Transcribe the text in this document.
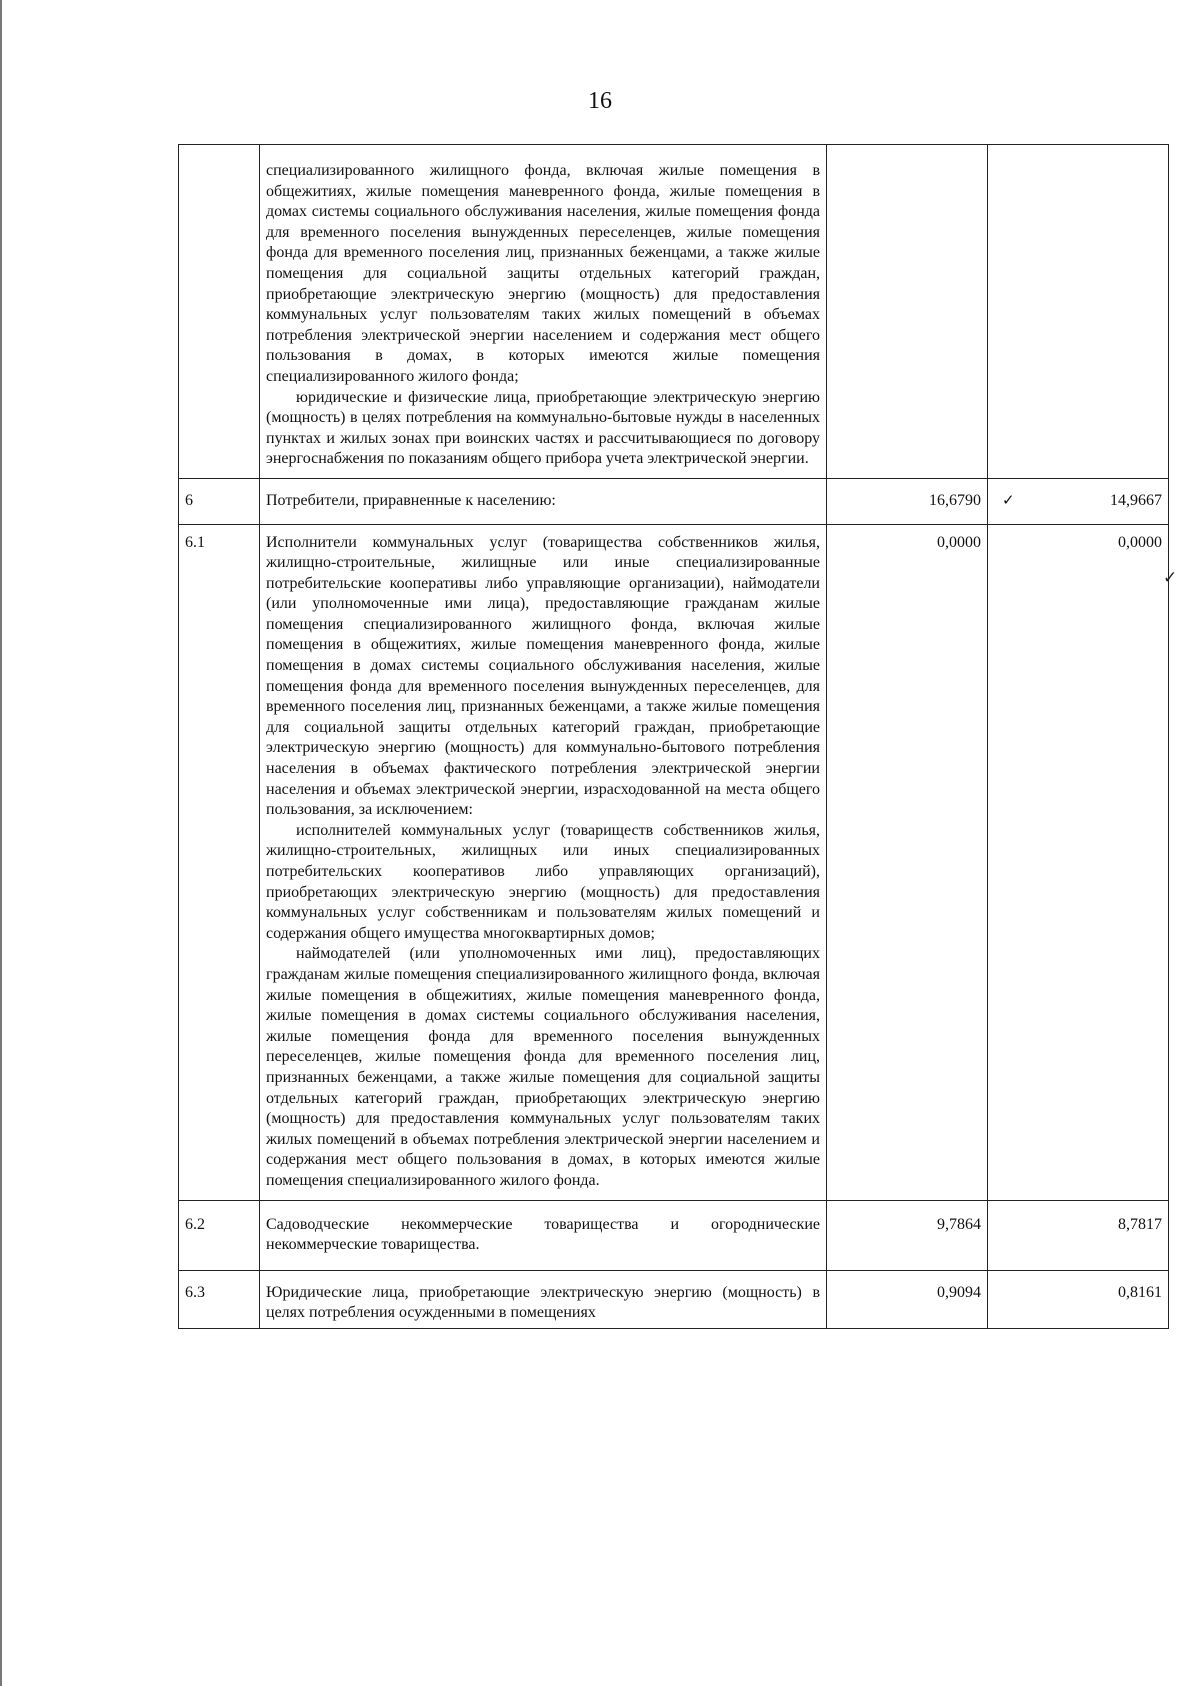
16
✓

	специализированного жилищного фонда, включая жилые помещения в общежитиях, жилые помещения маневренного фонда, жилые помещения в домах системы социального обслуживания населения, жилые помещения фонда для временного поселения вынужденных переселенцев, жилые помещения фонда для временного поселения лиц, признанных беженцами, а также жилые помещения для социальной защиты отдельных категорий граждан, приобретающие электрическую энергию (мощность) для предоставления коммунальных услуг пользователям таких жилых помещений в объемах потребления электрической энергии населением и содержания мест общего пользования в домах, в которых имеются жилые помещения специализированного жилого фонда;

юридические и физические лица, приобретающие электрическую энергию (мощность) в целях потребления на коммунально-бытовые нужды в населенных пунктах и жилых зонах при воинских частях и рассчитывающиеся по договору энергоснабжения по показаниям общего прибора учета электрической энергии.		

6	Потребители, приравненные к населению:	16,6790	✓ 14,9667
6.1	Исполнители коммунальных услуг (товарищества собственников жилья, жилищно-строительные, жилищные или иные специализированные потребительские кооперативы либо управляющие организации), наймодатели (или уполномоченные ими лица), предоставляющие гражданам жилые помещения специализированного жилищного фонда, включая жилые помещения в общежитиях, жилые помещения маневренного фонда, жилые помещения в домах системы социального обслуживания населения, жилые помещения фонда для временного поселения вынужденных переселенцев, для временного поселения лиц, признанных беженцами, а также жилые помещения для социальной защиты отдельных категорий граждан, приобретающие электрическую энергию (мощность) для коммунально-бытового потребления населения в объемах фактического потребления электрической энергии населения и объемах электрической энергии, израсходованной на места общего пользования, за исключением:

исполнителей коммунальных услуг (товариществ собственников жилья, жилищно-строительных, жилищных или иных специализированных потребительских кооперативов либо управляющих организаций), приобретающих электрическую энергию (мощность) для предоставления коммунальных услуг собственникам и пользователям жилых помещений и содержания общего имущества многоквартирных домов;

наймодателей (или уполномоченных ими лиц), предоставляющих гражданам жилые помещения специализированного жилищного фонда, включая жилые помещения в общежитиях, жилые помещения маневренного фонда, жилые помещения в домах системы социального обслуживания населения, жилые помещения фонда для временного поселения вынужденных переселенцев, жилые помещения фонда для временного поселения лиц, признанных беженцами, а также жилые помещения для социальной защиты отдельных категорий граждан, приобретающих электрическую энергию (мощность) для предоставления коммунальных услуг пользователям таких жилых помещений в объемах потребления электрической энергии населением и содержания мест общего пользования в домах, в которых имеются жилые помещения специализированного жилого фонда.	0,0000	0,0000
6.2	Садоводческие некоммерческие товарищества и огороднические некоммерческие товарищества.	9,7864	8,7817
6.3	Юридические лица, приобретающие электрическую энергию (мощность) в целях потребления осужденными в помещениях	0,9094	0,8161
